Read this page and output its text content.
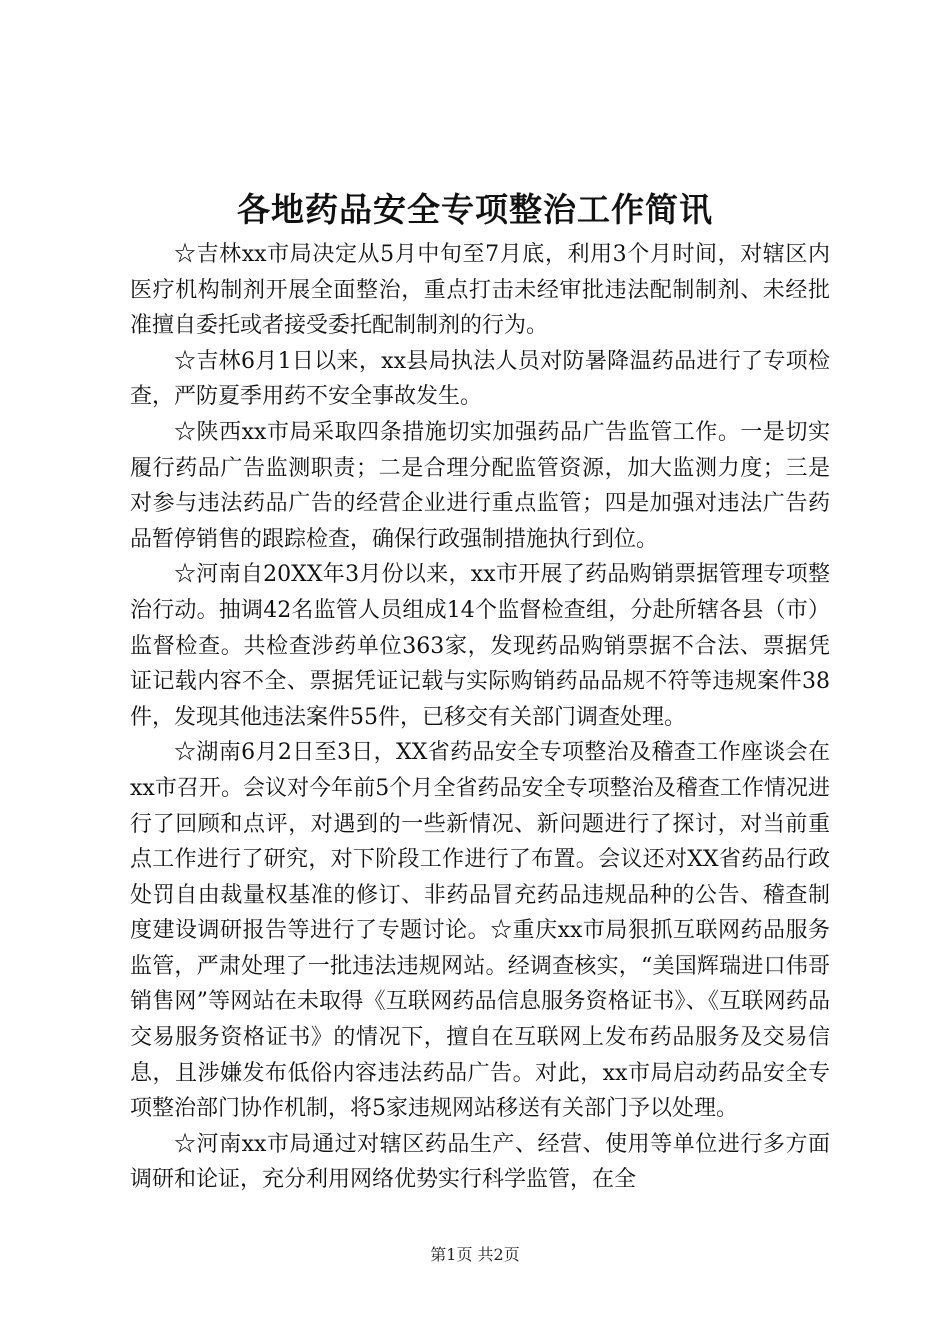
各地药品安全专项整治工作简讯

☆吉林xx市局决定从5月中旬至7月底，利用3个月时间，对辖区内医疗机构制剂开展全面整治，重点打击未经审批违法配制制剂、未经批准擅自委托或者接受委托配制制剂的行为。

☆吉林6月1日以来，xx县局执法人员对防暑降温药品进行了专项检查，严防夏季用药不安全事故发生。

☆陕西xx市局采取四条措施切实加强药品广告监管工作。一是切实履行药品广告监测职责；二是合理分配监管资源，加大监测力度；三是对参与违法药品广告的经营企业进行重点监管；四是加强对违法广告药品暂停销售的跟踪检查，确保行政强制措施执行到位。

☆河南自20XX年3月份以来，xx市开展了药品购销票据管理专项整治行动。抽调42名监管人员组成14个监督检查组，分赴所辖各县（市）监督检查。共检查涉药单位363家，发现药品购销票据不合法、票据凭证记载内容不全、票据凭证记载与实际购销药品品规不符等违规案件38件，发现其他违法案件55件，已移交有关部门调查处理。

☆湖南6月2日至3日，XX省药品安全专项整治及稽查工作座谈会在xx市召开。会议对今年前5个月全省药品安全专项整治及稽查工作情况进行了回顾和点评，对遇到的一些新情况、新问题进行了探讨，对当前重点工作进行了研究，对下阶段工作进行了布置。会议还对XX省药品行政处罚自由裁量权基准的修订、非药品冒充药品违规品种的公告、稽查制度建设调研报告等进行了专题讨论。☆重庆xx市局狠抓互联网药品服务监管，严肃处理了一批违法违规网站。经调查核实，“美国辉瑞进口伟哥销售网”等网站在未取得《互联网药品信息服务资格证书》、《互联网药品交易服务资格证书》的情况下，擅自在互联网上发布药品服务及交易信息，且涉嫌发布低俗内容违法药品广告。对此，xx市局启动药品安全专项整治部门协作机制，将5家违规网站移送有关部门予以处理。

☆河南xx市局通过对辖区药品生产、经营、使用等单位进行多方面调研和论证，充分利用网络优势实行科学监管，在全

第1页 共2页
